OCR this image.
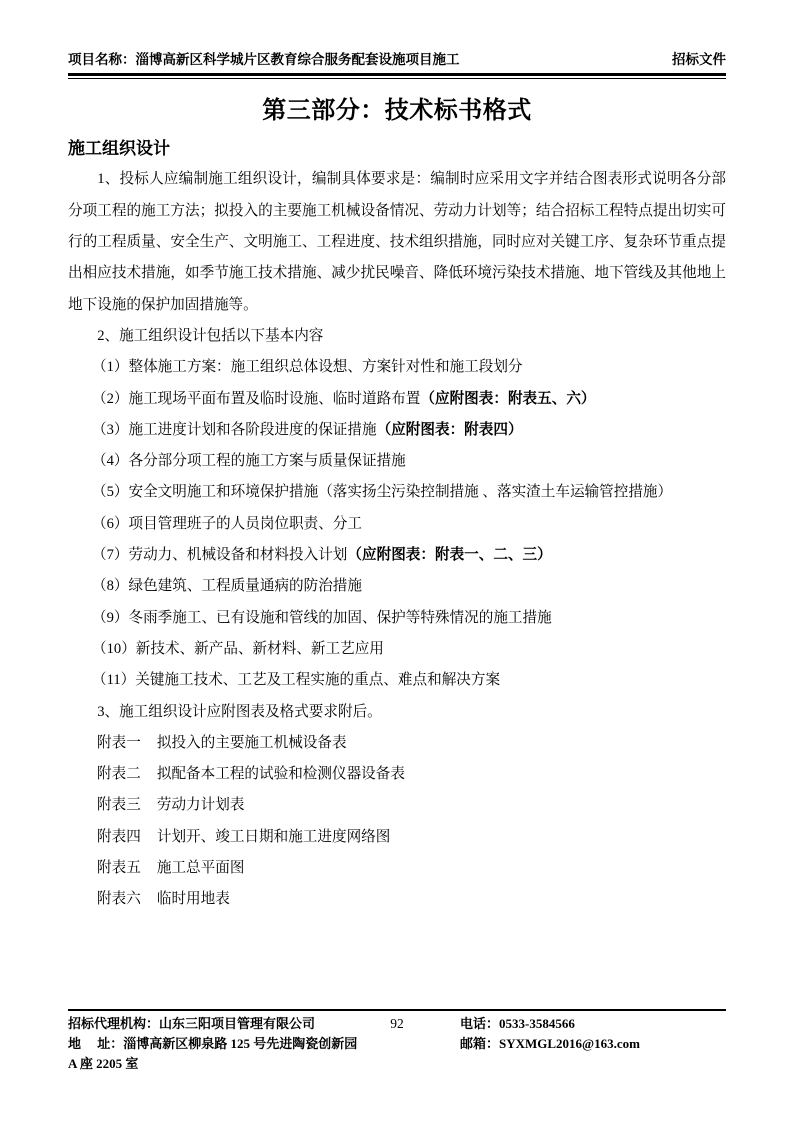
项目名称：淄博高新区科学城片区教育综合服务配套设施项目施工	招标文件
第三部分：技术标书格式
施工组织设计

1、投标人应编制施工组织设计，编制具体要求是：编制时应采用文字并结合图表形式说明各分部分项工程的施工方法；拟投入的主要施工机械设备情况、劳动力计划等；结合招标工程特点提出切实可行的工程质量、安全生产、文明施工、工程进度、技术组织措施，同时应对关键工序、复杂环节重点提出相应技术措施，如季节施工技术措施、减少扰民噪音、降低环境污染技术措施、地下管线及其他地上地下设施的保护加固措施等。

2、施工组织设计包括以下基本内容

（1）整体施工方案：施工组织总体设想、方案针对性和施工段划分
（2）施工现场平面布置及临时设施、临时道路布置（应附图表：附表五、六）
（3）施工进度计划和各阶段进度的保证措施（应附图表：附表四）
（4）各分部分项工程的施工方案与质量保证措施
（5）安全文明施工和环境保护措施（落实扬尘污染控制措施 、落实渣土车运输管控措施）
（6）项目管理班子的人员岗位职责、分工
（7）劳动力、机械设备和材料投入计划（应附图表：附表一、二、三）
（8）绿色建筑、工程质量通病的防治措施
（9）冬雨季施工、已有设施和管线的加固、保护等特殊情况的施工措施
（10）新技术、新产品、新材料、新工艺应用
（11）关键施工技术、工艺及工程实施的重点、难点和解决方案

3、施工组织设计应附图表及格式要求附后。

附表一 拟投入的主要施工机械设备表
附表二 拟配备本工程的试验和检测仪器设备表
附表三 劳动力计划表
附表四 计划开、竣工日期和施工进度网络图
附表五 施工总平面图
附表六 临时用地表
招标代理机构：山东三阳项目管理有限公司	92	电话：0533-3584566
地　 址：淄博高新区柳泉路 125 号先进陶瓷创新园 A 座 2205 室
邮箱：SYXMGL2016@163.com
